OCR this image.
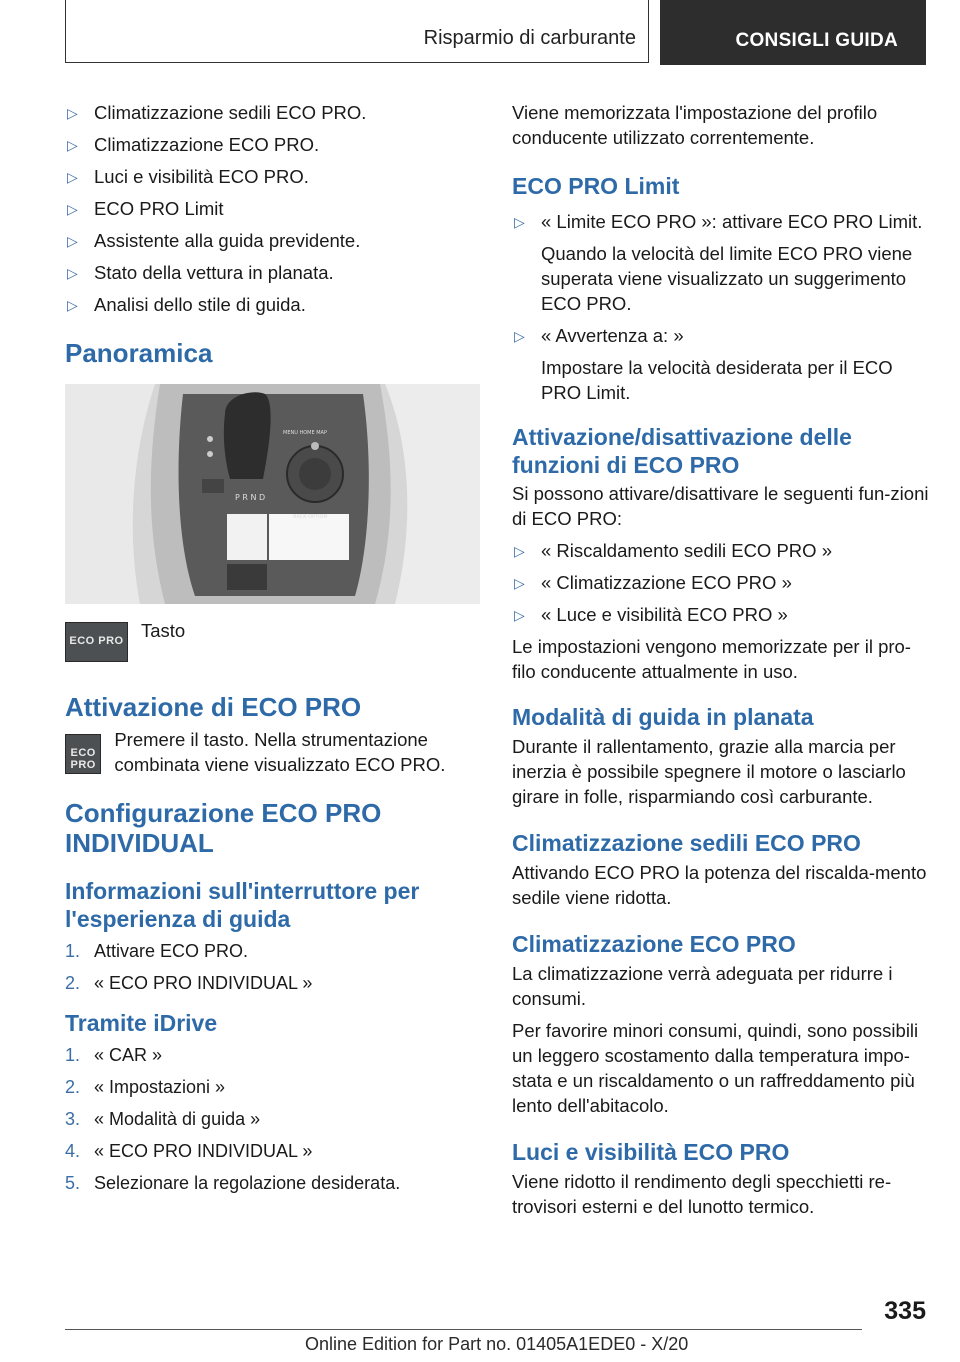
Risparmio di carburante	CONSIGLI GUIDA
▷ Climatizzazione sedili ECO PRO.
▷ Climatizzazione ECO PRO.
▷ Luci e visibilità ECO PRO.
▷ ECO PRO Limit
▷ Assistente alla guida previdente.
▷ Stato della vettura in planata.
▷ Analisi dello stile di guida.
Panoramica
P R N D
MENU HOME MAP
BACK OPTION
ECO PRO Tasto

Attivazione di ECO PRO
ECO PRO

Premere il tasto. Nella strumentazione combinata viene visualizzato ECO PRO.

Configurazione ECO PRO INDIVIDUAL
Informazioni sull'interruttore per l'esperienza di guida
1. Attivare ECO PRO.
2. « ECO PRO INDIVIDUAL »
Tramite iDrive
1. « CAR »
2. « Impostazioni »
3. « Modalità di guida »
4. « ECO PRO INDIVIDUAL »
5. Selezionare la regolazione desiderata.

Viene memorizzata l'impostazione del profilo conducente utilizzato correntemente.

ECO PRO Limit
▷ « Limite ECO PRO »: attivare ECO PRO Limit.
Quando la velocità del limite ECO PRO viene superata viene visualizzato un suggerimento ECO PRO.
▷ « Avvertenza a: »
Impostare la velocità desiderata per il ECO PRO Limit.
Attivazione/disattivazione delle funzioni di ECO PRO

Si possono attivare/disattivare le seguenti fun‐zioni di ECO PRO:

▷ « Riscaldamento sedili ECO PRO »
▷ « Climatizzazione ECO PRO »
▷ « Luce e visibilità ECO PRO »

Le impostazioni vengono memorizzate per il pro‐filo conducente attualmente in uso.

Modalità di guida in planata

Durante il rallentamento, grazie alla marcia per inerzia è possibile spegnere il motore o lasciarlo girare in folle, risparmiando così carburante.

Climatizzazione sedili ECO PRO

Attivando ECO PRO la potenza del riscalda‐mento sedile viene ridotta.

Climatizzazione ECO PRO

La climatizzazione verrà adeguata per ridurre i consumi.

Per favorire minori consumi, quindi, sono possibili un leggero scostamento dalla temperatura impo‐stata e un riscaldamento o un raffreddamento più lento dell'abitacolo.

Luci e visibilità ECO PRO

Viene ridotto il rendimento degli specchietti re‐trovisori esterni e del lunotto termico.

335
Online Edition for Part no. 01405A1EDE0 - X/20
